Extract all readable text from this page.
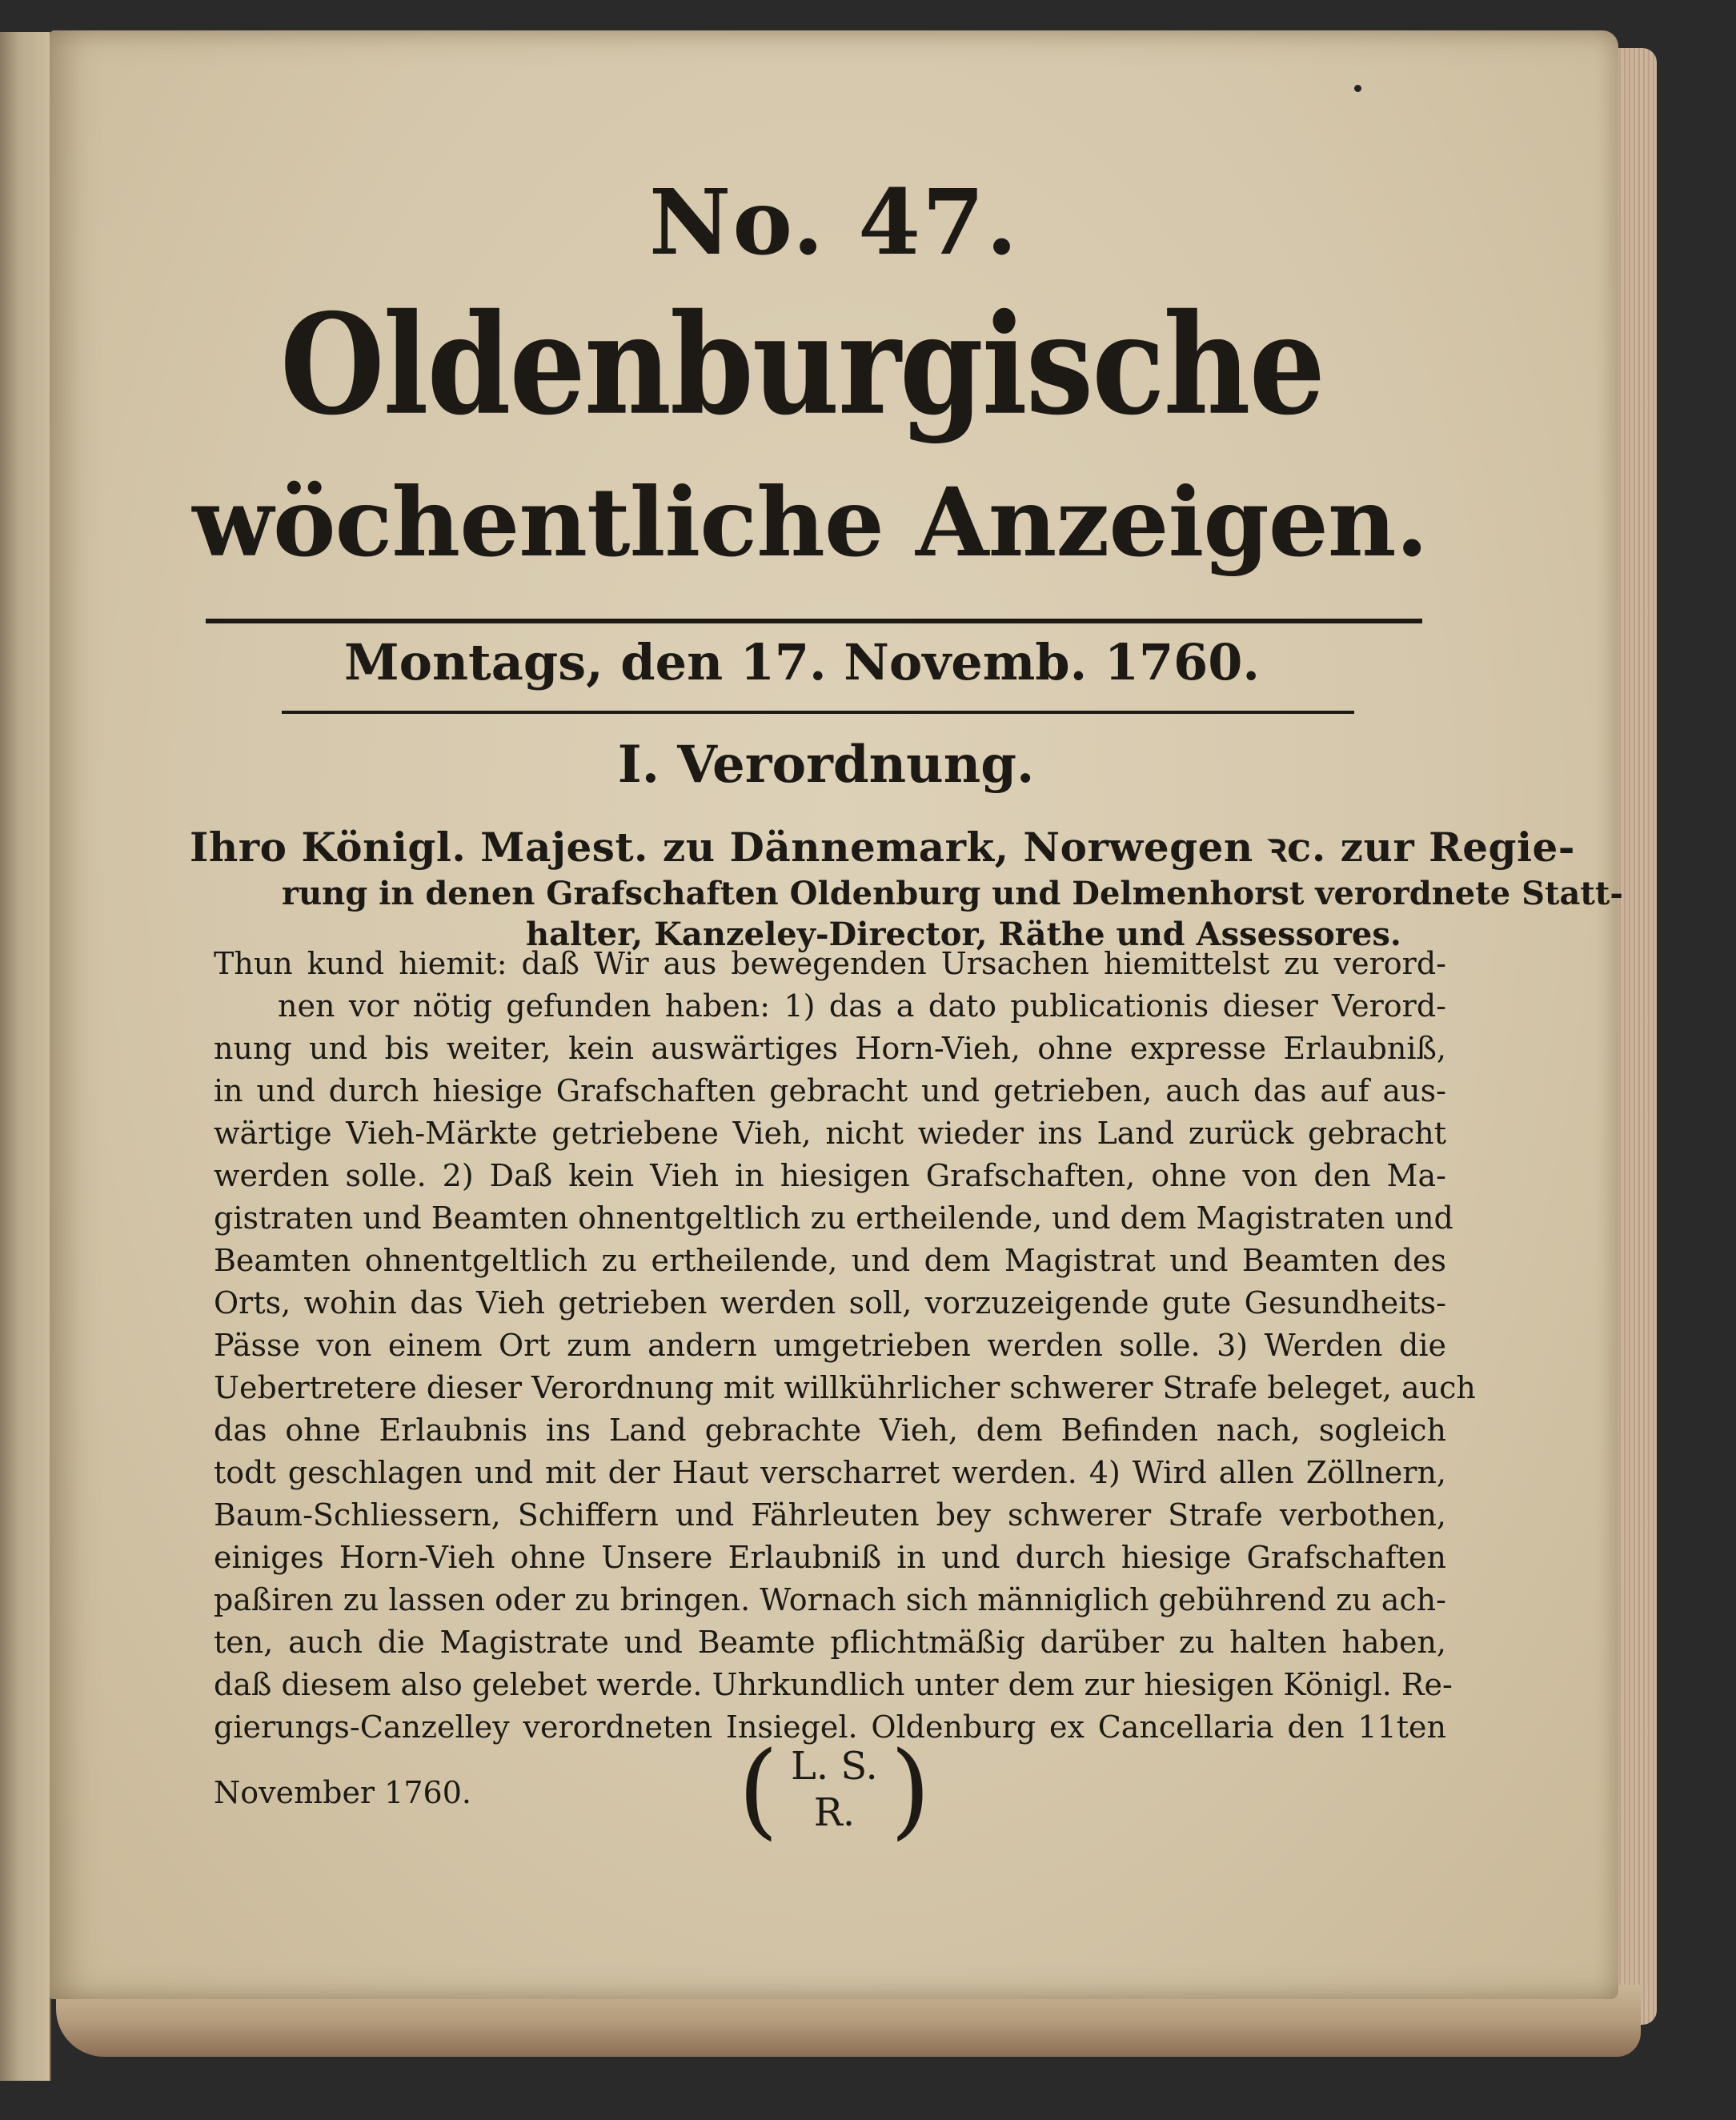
No. 47.
Oldenburgische
wöchentliche Anzeigen.
Montags, den 17. Novemb. 1760.
I. Verordnung.
Ihro Königl. Majest. zu Dännemark, Norwegen ꝛc. zur Regie-
rung in denen Grafschaften Oldenburg und Delmenhorst verordnete Statt-
halter, Kanzeley-Director, Räthe und Assessores.
Thun kund hiemit: daß Wir aus bewegenden Ursachen hiemittelst zu verord-
nen vor nötig gefunden haben: 1) das a dato publicationis dieser Verord-
nung und bis weiter, kein auswärtiges Horn-Vieh, ohne expresse Erlaubniß,
in und durch hiesige Grafschaften gebracht und getrieben, auch das auf aus-
wärtige Vieh-Märkte getriebene Vieh, nicht wieder ins Land zurück gebracht
werden solle. 2) Daß kein Vieh in hiesigen Grafschaften, ohne von den Ma-
gistraten und Beamten ohnentgeltlich zu ertheilende, und dem Magistraten und
Beamten ohnentgeltlich zu ertheilende, und dem Magistrat und Beamten des
Orts, wohin das Vieh getrieben werden soll, vorzuzeigende gute Gesundheits-
Pässe von einem Ort zum andern umgetrieben werden solle. 3) Werden die
Uebertretere dieser Verordnung mit willkührlicher schwerer Strafe beleget, auch
das ohne Erlaubnis ins Land gebrachte Vieh, dem Befinden nach, sogleich
todt geschlagen und mit der Haut verscharret werden. 4) Wird allen Zöllnern,
Baum-Schliessern, Schiffern und Fährleuten bey schwerer Strafe verbothen,
einiges Horn-Vieh ohne Unsere Erlaubniß in und durch hiesige Grafschaften
paßiren zu lassen oder zu bringen. Wornach sich männiglich gebührend zu ach-
ten, auch die Magistrate und Beamte pflichtmäßig darüber zu halten haben,
daß diesem also gelebet werde. Uhrkundlich unter dem zur hiesigen Königl. Re-
gierungs-Canzelley verordneten Insiegel. Oldenburg ex Cancellaria den 11ten
November 1760.	( L. S.
R. )
